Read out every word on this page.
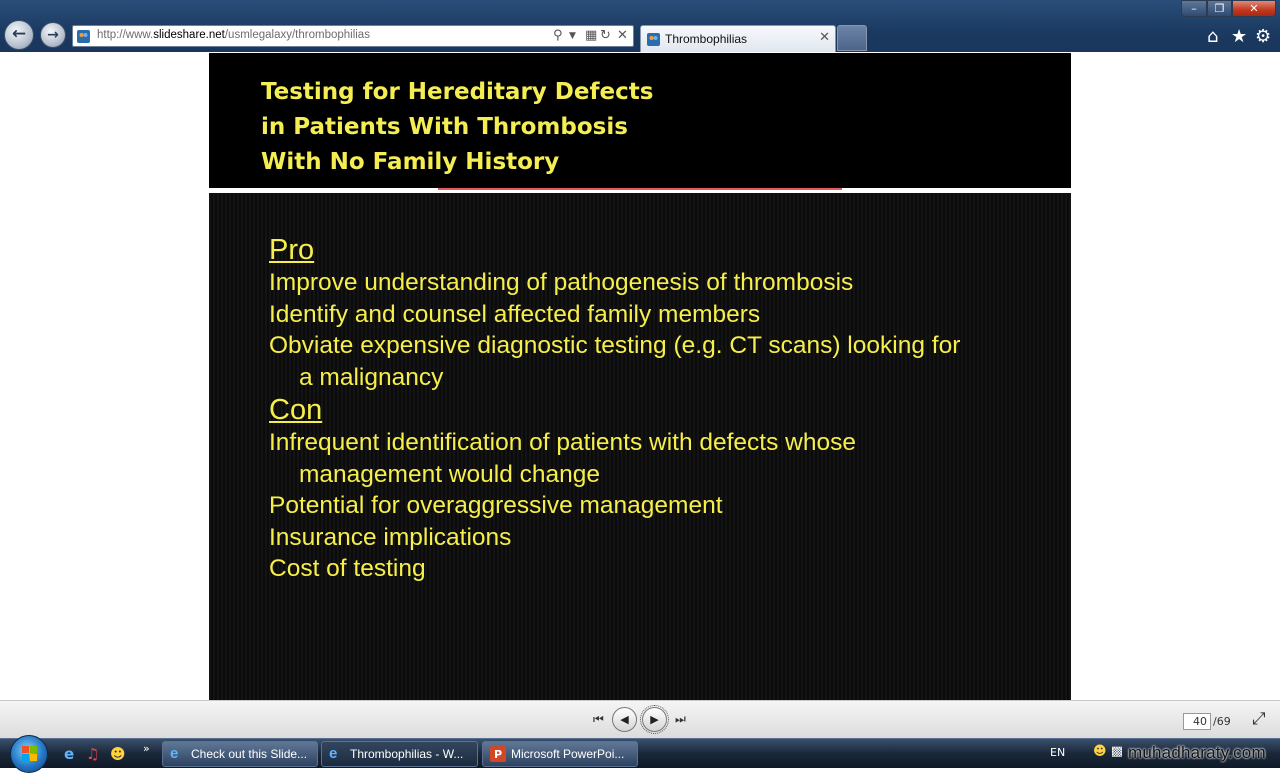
←	→	http://www.slideshare.net/usmlegalaxy/thrombophilias	⚲ ▼ ▦ ↻ ✕	Thrombophilias	✕
–	❐	✕
⌂ ★ ⚙
Testing for Hereditary Defects
in Patients With Thrombosis
With No Family History
Pro
Improve understanding of pathogenesis of thrombosis
Identify and counsel affected family members
Obviate expensive diagnostic testing (e.g. CT scans) looking for
a malignancy
Con
Infrequent identification of patients with defects whose
management would change
Potential for overaggressive management
Insurance implications
Cost of testing
⏮	◀	▶	⏭	40 /69 ⤢
e ♫ ☻ » e	Check out this Slide...	e	Thrombophilias - W...	P Microsoft PowerPoi...	EN ☻ ▩ muhadharaty.com
